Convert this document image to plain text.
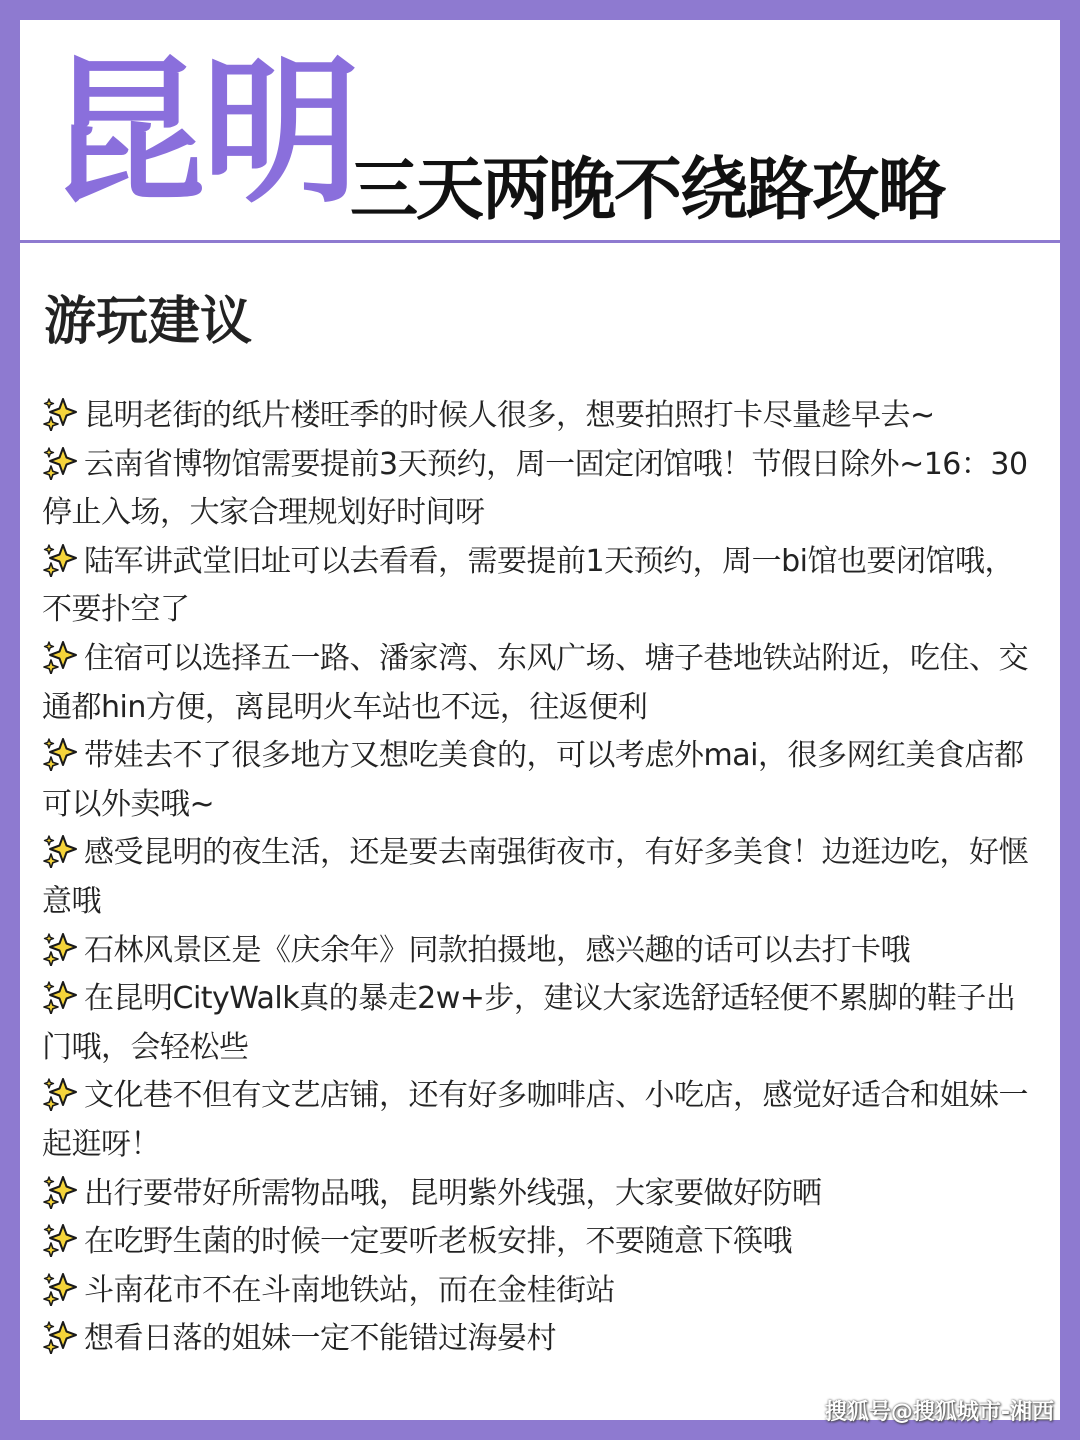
昆明
三天两晚不绕路攻略
游玩建议
昆明老街的纸片楼旺季的时候人很多，想要拍照打卡尽量趁早去~
云南省博物馆需要提前3天预约，周一固定闭馆哦！节假日除外~16：30停止入场，大家合理规划好时间呀
陆军讲武堂旧址可以去看看，需要提前1天预约，周一bi馆也要闭馆哦，不要扑空了
住宿可以选择五一路、潘家湾、东风广场、塘子巷地铁站附近，吃住、交通都hin方便，离昆明火车站也不远，往返便利
带娃去不了很多地方又想吃美食的，可以考虑外mai，很多网红美食店都可以外卖哦~
感受昆明的夜生活，还是要去南强街夜市，有好多美食！边逛边吃，好惬意哦
石林风景区是《庆余年》同款拍摄地，感兴趣的话可以去打卡哦
在昆明CityWalk真的暴走2w+步，建议大家选舒适轻便不累脚的鞋子出门哦，会轻松些
文化巷不但有文艺店铺，还有好多咖啡店、小吃店，感觉好适合和姐妹一起逛呀！
出行要带好所需物品哦，昆明紫外线强，大家要做好防晒
在吃野生菌的时候一定要听老板安排，不要随意下筷哦
斗南花市不在斗南地铁站，而在金桂街站
想看日落的姐妹一定不能错过海晏村
搜狐号@搜狐城市-湘西
